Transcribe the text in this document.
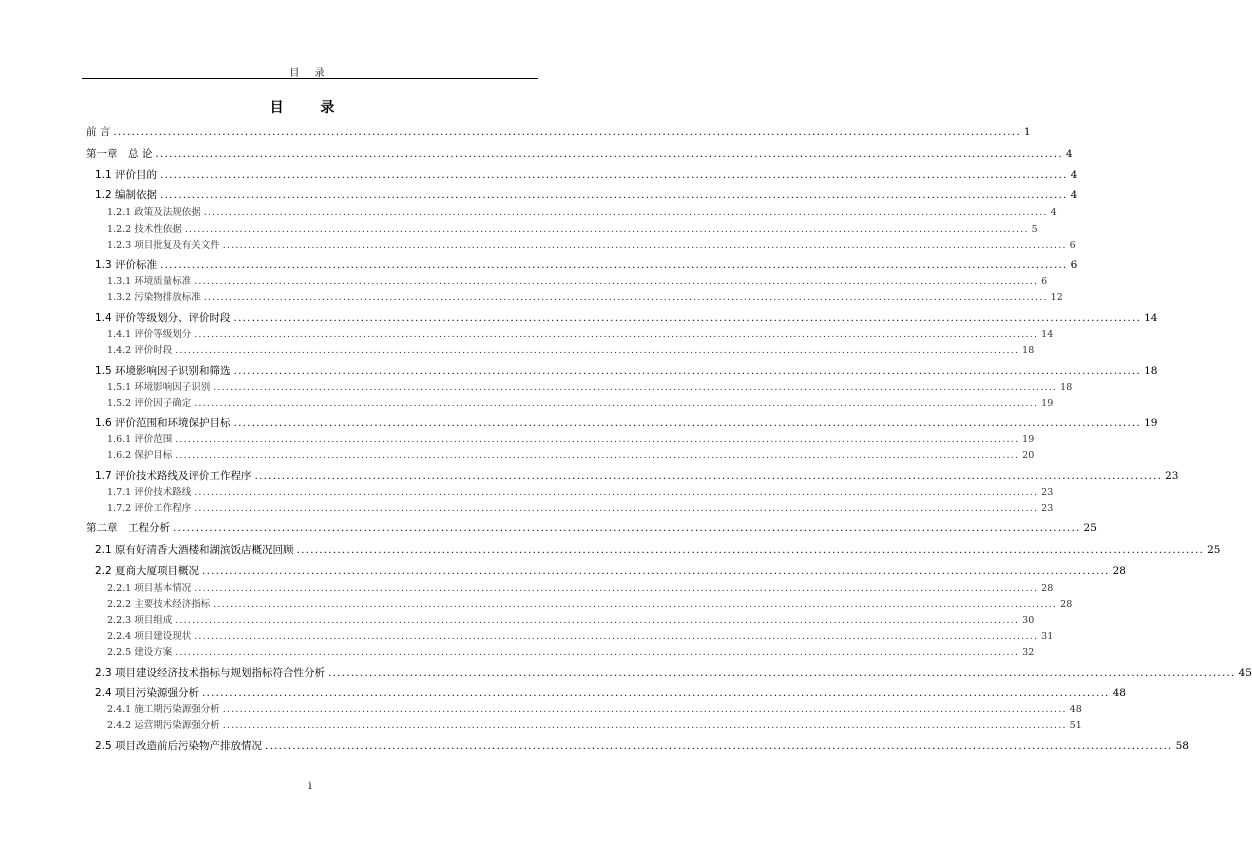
目 录
目 录
前 言 ........................................................................................................................................................................................................ 1
第一章　总 论 ........................................................................................................................................................................................................ 4
1.1 评价目的 ........................................................................................................................................................................................................ 4
1.2 编制依据 ........................................................................................................................................................................................................ 4
1.2.1 政策及法规依据 ........................................................................................................................................................................................................ 4
1.2.2 技术性依据 ........................................................................................................................................................................................................ 5
1.2.3 项目批复及有关文件 ........................................................................................................................................................................................................ 6
1.3 评价标准 ........................................................................................................................................................................................................ 6
1.3.1 环境质量标准 ........................................................................................................................................................................................................ 6
1.3.2 污染物排放标准 ........................................................................................................................................................................................................ 12
1.4 评价等级划分、评价时段 ........................................................................................................................................................................................................ 14
1.4.1 评价等级划分 ........................................................................................................................................................................................................ 14
1.4.2 评价时段 ........................................................................................................................................................................................................ 18
1.5 环境影响因子识别和筛选 ........................................................................................................................................................................................................ 18
1.5.1 环境影响因子识别 ........................................................................................................................................................................................................ 18
1.5.2 评价因子确定 ........................................................................................................................................................................................................ 19
1.6 评价范围和环境保护目标 ........................................................................................................................................................................................................ 19
1.6.1 评价范围 ........................................................................................................................................................................................................ 19
1.6.2 保护目标 ........................................................................................................................................................................................................ 20
1.7 评价技术路线及评价工作程序 ........................................................................................................................................................................................................ 23
1.7.1 评价技术路线 ........................................................................................................................................................................................................ 23
1.7.2 评价工作程序 ........................................................................................................................................................................................................ 23
第二章　工程分析 ........................................................................................................................................................................................................ 25
2.1 原有好清香大酒楼和湖滨饭店概况回顾 ........................................................................................................................................................................................................ 25
2.2 夏商大厦项目概况 ........................................................................................................................................................................................................ 28
2.2.1 项目基本情况 ........................................................................................................................................................................................................ 28
2.2.2 主要技术经济指标 ........................................................................................................................................................................................................ 28
2.2.3 项目组成 ........................................................................................................................................................................................................ 30
2.2.4 项目建设现状 ........................................................................................................................................................................................................ 31
2.2.5 建设方案 ........................................................................................................................................................................................................ 32
2.3 项目建设经济技术指标与规划指标符合性分析 ........................................................................................................................................................................................................ 45
2.4 项目污染源强分析 ........................................................................................................................................................................................................ 48
2.4.1 施工期污染源强分析 ........................................................................................................................................................................................................ 48
2.4.2 运营期污染源强分析 ........................................................................................................................................................................................................ 51
2.5 项目改造前后污染物产排放情况 ........................................................................................................................................................................................................ 58
i
